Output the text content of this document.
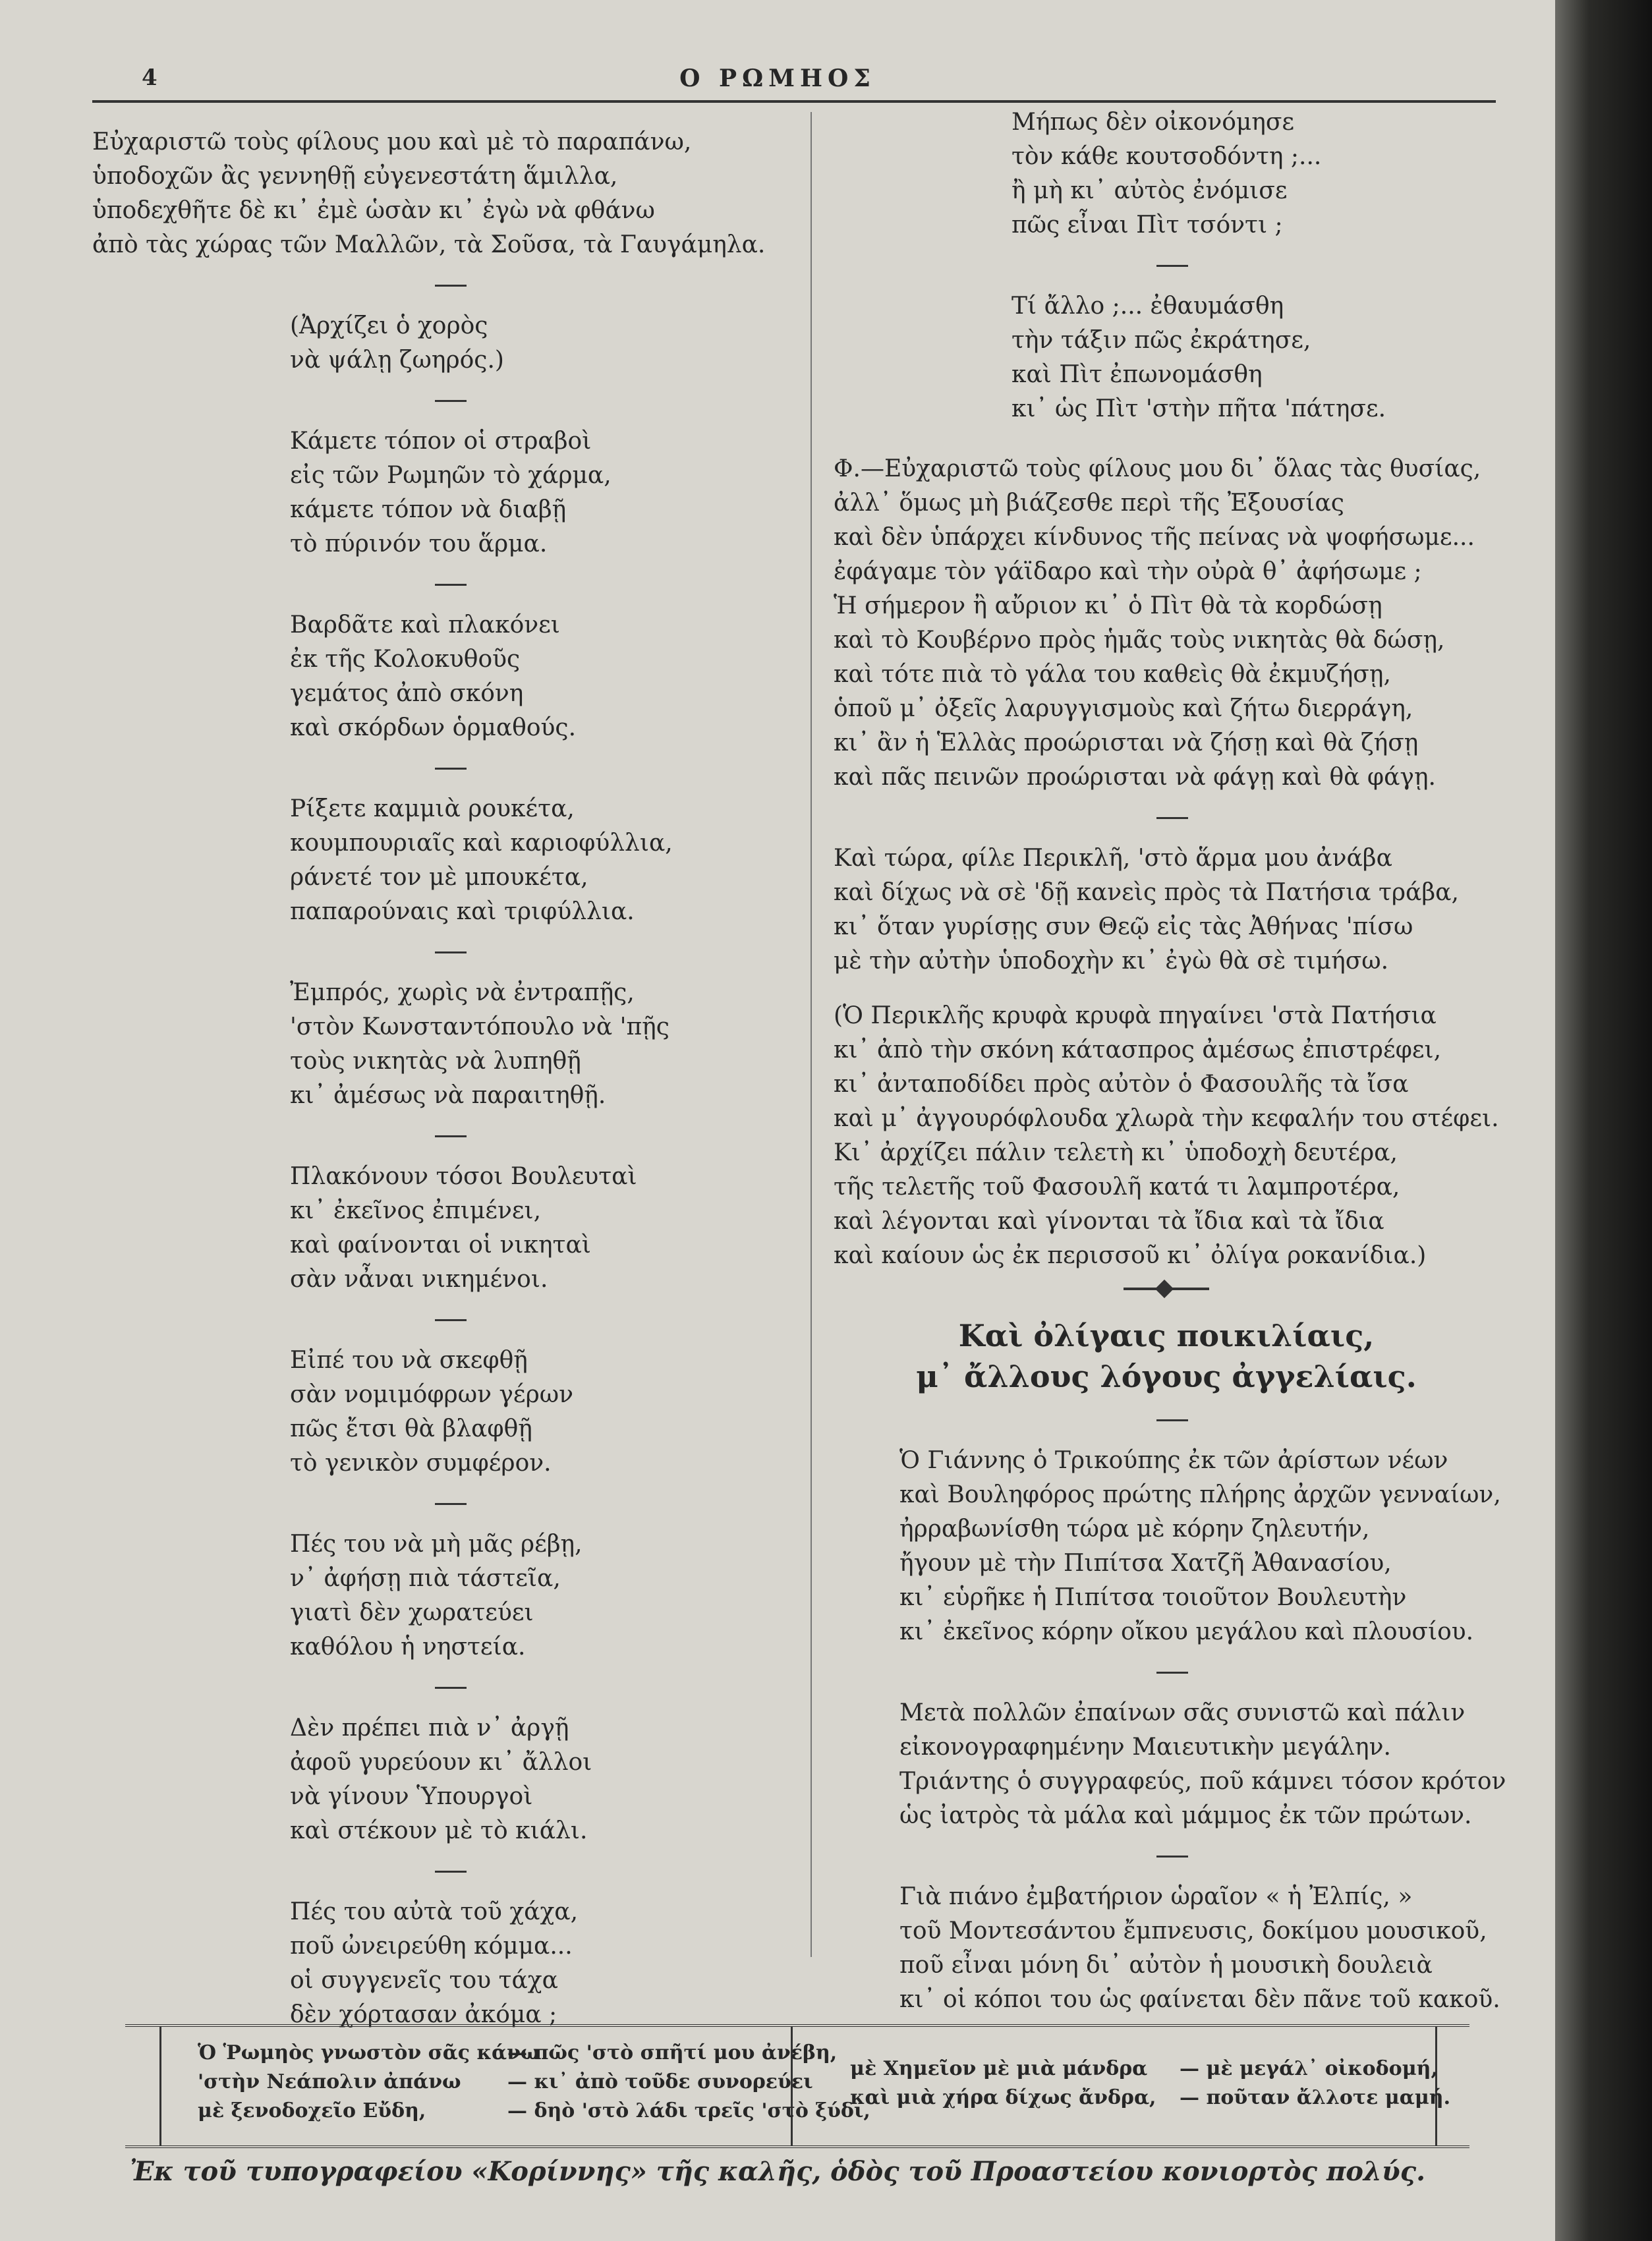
4	Ο ΡΩΜΗΟΣ
Εὐχαριστῶ τοὺς φίλους μου καὶ μὲ τὸ παραπάνω,
ὑποδοχῶν ἂς γεννηθῇ εὐγενεστάτη ἅμιλλα,
ὑποδεχθῆτε δὲ κι᾿ ἐμὲ ὡσὰν κι᾿ ἐγὼ νὰ φθάνω
ἀπὸ τὰς χώρας τῶν Μαλλῶν, τὰ Σοῦσα, τὰ Γαυγάμηλα.
(Ἀρχίζει ὁ χορὸς
νὰ ψάλῃ ζωηρός.)
Κάμετε τόπον οἱ στραβοὶ
εἰς τῶν Ρωμηῶν τὸ χάρμα,
κάμετε τόπον νὰ διαβῇ
τὸ πύρινόν του ἅρμα.
Βαρδᾶτε καὶ πλακόνει
ἐκ τῆς Κολοκυθοῦς
γεμάτος ἀπὸ σκόνη
καὶ σκόρδων ὁρμαθούς.
Ρίξετε καμμιὰ ρουκέτα,
κουμπουριαῖς καὶ καριοφύλλια,
ράνετέ τον μὲ μπουκέτα,
παπαρούναις καὶ τριφύλλια.
Ἐμπρός, χωρὶς νὰ ἐντραπῇς,
'στὸν Κωνσταντόπουλο νὰ 'πῇς
τοὺς νικητὰς νὰ λυπηθῇ
κι᾿ ἀμέσως νὰ παραιτηθῇ.
Πλακόνουν τόσοι Βουλευταὶ
κι᾿ ἐκεῖνος ἐπιμένει,
καὶ φαίνονται οἱ νικηταὶ
σὰν νἆναι νικημένοι.
Εἰπέ του νὰ σκεφθῇ
σὰν νομιμόφρων γέρων
πῶς ἔτσι θὰ βλαφθῇ
τὸ γενικὸν συμφέρον.
Πές του νὰ μὴ μᾶς ρέβῃ,
ν᾿ ἀφήσῃ πιὰ τάστεῖα,
γιατὶ δὲν χωρατεύει
καθόλου ἡ νηστεία.
Δὲν πρέπει πιὰ ν᾿ ἀργῇ
ἀφοῦ γυρεύουν κι᾿ ἄλλοι
νὰ γίνουν Ὑπουργοὶ
καὶ στέκουν μὲ τὸ κιάλι.
Πές του αὐτὰ τοῦ χάχα,
ποῦ ὠνειρεύθη κόμμα...
οἱ συγγενεῖς του τάχα
δὲν χόρτασαν ἀκόμα ;
Μήπως δὲν οἰκονόμησε
τὸν κάθε κουτσοδόντη ;...
ἢ μὴ κι᾿ αὐτὸς ἐνόμισε
πῶς εἶναι Πὶτ τσόντι ;
Τί ἄλλο ;... ἐθαυμάσθη
τὴν τάξιν πῶς ἐκράτησε,
καὶ Πὶτ ἐπωνομάσθη
κι᾿ ὡς Πὶτ 'στὴν πῆτα 'πάτησε.
Φ.—Εὐχαριστῶ τοὺς φίλους μου δι᾿ ὅλας τὰς θυσίας,
ἀλλ᾿ ὅμως μὴ βιάζεσθε περὶ τῆς Ἐξουσίας
καὶ δὲν ὑπάρχει κίνδυνος τῆς πείνας νὰ ψοφήσωμε...
ἐφάγαμε τὸν γάϊδαρο καὶ τὴν οὐρὰ θ᾿ ἀφήσωμε ;
Ἡ σήμερον ἢ αὔριον κι᾿ ὁ Πὶτ θὰ τὰ κορδώσῃ
καὶ τὸ Κουβέρνο πρὸς ἡμᾶς τοὺς νικητὰς θὰ δώσῃ,
καὶ τότε πιὰ τὸ γάλα του καθεὶς θὰ ἐκμυζήσῃ,
ὁποῦ μ᾿ ὀξεῖς λαρυγγισμοὺς καὶ ζήτω διερράγη,
κι᾿ ἂν ἡ Ἑλλὰς προώρισται νὰ ζήσῃ καὶ θὰ ζήσῃ
καὶ πᾶς πεινῶν προώρισται νὰ φάγῃ καὶ θὰ φάγῃ.
Καὶ τώρα, φίλε Περικλῆ, 'στὸ ἅρμα μου ἀνάβα
καὶ δίχως νὰ σὲ 'δῇ κανεὶς πρὸς τὰ Πατήσια τράβα,
κι᾿ ὅταν γυρίσῃς συν Θεῷ εἰς τὰς Ἀθήνας 'πίσω
μὲ τὴν αὐτὴν ὑποδοχὴν κι᾿ ἐγὼ θὰ σὲ τιμήσω.
(Ὁ Περικλῆς κρυφὰ κρυφὰ πηγαίνει 'στὰ Πατήσια
κι᾿ ἀπὸ τὴν σκόνη κάτασπρος ἀμέσως ἐπιστρέφει,
κι᾿ ἀνταποδίδει πρὸς αὐτὸν ὁ Φασουλῆς τὰ ἴσα
καὶ μ᾿ ἀγγουρόφλουδα χλωρὰ τὴν κεφαλήν του στέφει.
Κι᾿ ἀρχίζει πάλιν τελετὴ κι᾿ ὑποδοχὴ δευτέρα,
τῆς τελετῆς τοῦ Φασουλῆ κατά τι λαμπροτέρα,
καὶ λέγονται καὶ γίνονται τὰ ἴδια καὶ τὰ ἴδια
καὶ καίουν ὡς ἐκ περισσοῦ κι᾿ ὀλίγα ροκανίδια.)
Καὶ ὀλίγαις ποικιλίαις,
μ᾿ ἄλλους λόγους ἀγγελίαις.
Ὁ Γιάννης ὁ Τρικούπης ἐκ τῶν ἀρίστων νέων
καὶ Βουληφόρος πρώτης πλήρης ἀρχῶν γενναίων,
ἠρραβωνίσθη τώρα μὲ κόρην ζηλευτήν,
ἤγουν μὲ τὴν Πιπίτσα Χατζῆ Ἀθανασίου,
κι᾿ εὑρῆκε ἡ Πιπίτσα τοιοῦτον Βουλευτὴν
κι᾿ ἐκεῖνος κόρην οἴκου μεγάλου καὶ πλουσίου.
Μετὰ πολλῶν ἐπαίνων σᾶς συνιστῶ καὶ πάλιν
εἰκονογραφημένην Μαιευτικὴν μεγάλην.
Τριάντης ὁ συγγραφεύς, ποῦ κάμνει τόσον κρότον
ὡς ἰατρὸς τὰ μάλα καὶ μάμμος ἐκ τῶν πρώτων.
Γιὰ πιάνο ἐμβατήριον ὡραῖον « ἡ Ἐλπίς, »
τοῦ Μοντεσάντου ἔμπνευσις, δοκίμου μουσικοῦ,
ποῦ εἶναι μόνη δι᾿ αὐτὸν ἡ μουσικὴ δουλειὰ
κι᾿ οἱ κόποι του ὡς φαίνεται δὲν πᾶνε τοῦ κακοῦ.
Ὁ Ῥωμηὸς γνωστὸν σᾶς κάνω
'στὴν Νεάπολιν ἀπάνω
μὲ ξενοδοχεῖο Εὔδη,
— πῶς 'στὸ σπῆτί μου ἀνέβη,
— κι᾿ ἀπὸ τοῦδε συνορεύει
— δηὸ 'στὸ λάδι τρεῖς 'στὸ ξύδι,
μὲ Χημεῖον μὲ μιὰ μάνδρα
καὶ μιὰ χήρα δίχως ἄνδρα,
— μὲ μεγάλ᾿ οἰκοδομή,
— ποῦταν ἄλλοτε μαμή.
Ἐκ τοῦ τυπογραφείου «Κορίννης» τῆς καλῆς, ὁδὸς τοῦ Προαστείου κονιορτὸς πολύς.
